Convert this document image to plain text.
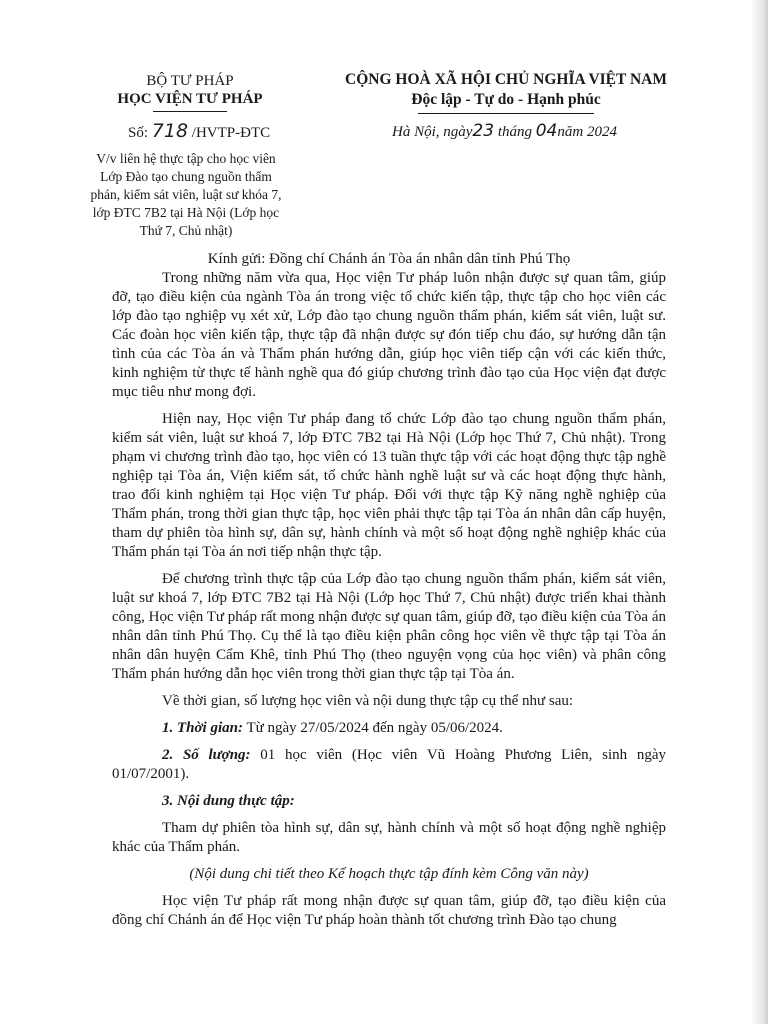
BỘ TƯ PHÁP
HỌC VIỆN TƯ PHÁP
Số: 718 /HVTP-ĐTC
V/v liên hệ thực tập cho học viên
Lớp Đào tạo chung nguồn thẩm
phán, kiểm sát viên, luật sư khóa 7,
lớp ĐTC 7B2 tại Hà Nội (Lớp học
Thứ 7, Chủ nhật)
CỘNG HOÀ XÃ HỘI CHỦ NGHĨA VIỆT NAM
Độc lập - Tự do - Hạnh phúc
Hà Nội, ngày23 tháng 04năm 2024

Kính gửi: Đồng chí Chánh án Tòa án nhân dân tỉnh Phú Thọ

Trong những năm vừa qua, Học viện Tư pháp luôn nhận được sự quan tâm, giúp đỡ, tạo điều kiện của ngành Tòa án trong việc tổ chức kiến tập, thực tập cho học viên các lớp đào tạo nghiệp vụ xét xử, Lớp đào tạo chung nguồn thẩm phán, kiểm sát viên, luật sư. Các đoàn học viên kiến tập, thực tập đã nhận được sự đón tiếp chu đáo, sự hướng dẫn tận tình của các Tòa án và Thẩm phán hướng dẫn, giúp học viên tiếp cận với các kiến thức, kinh nghiệm từ thực tế hành nghề qua đó giúp chương trình đào tạo của Học viện đạt được mục tiêu như mong đợi.

Hiện nay, Học viện Tư pháp đang tổ chức Lớp đào tạo chung nguồn thẩm phán, kiểm sát viên, luật sư khoá 7, lớp ĐTC 7B2 tại Hà Nội (Lớp học Thứ 7, Chủ nhật). Trong phạm vi chương trình đào tạo, học viên có 13 tuần thực tập với các hoạt động thực tập nghề nghiệp tại Tòa án, Viện kiểm sát, tổ chức hành nghề luật sư và các hoạt động thực hành, trao đổi kinh nghiệm tại Học viện Tư pháp. Đối với thực tập Kỹ năng nghề nghiệp của Thẩm phán, trong thời gian thực tập, học viên phải thực tập tại Tòa án nhân dân cấp huyện, tham dự phiên tòa hình sự, dân sự, hành chính và một số hoạt động nghề nghiệp khác của Thẩm phán tại Tòa án nơi tiếp nhận thực tập.

Để chương trình thực tập của Lớp đào tạo chung nguồn thẩm phán, kiểm sát viên, luật sư khoá 7, lớp ĐTC 7B2 tại Hà Nội (Lớp học Thứ 7, Chủ nhật) được triển khai thành công, Học viện Tư pháp rất mong nhận được sự quan tâm, giúp đỡ, tạo điều kiện của Tòa án nhân dân tỉnh Phú Thọ. Cụ thể là tạo điều kiện phân công học viên về thực tập tại Tòa án nhân dân huyện Cẩm Khê, tỉnh Phú Thọ (theo nguyện vọng của học viên) và phân công Thẩm phán hướng dẫn học viên trong thời gian thực tập tại Tòa án.

Về thời gian, số lượng học viên và nội dung thực tập cụ thể như sau:

1. Thời gian: Từ ngày 27/05/2024 đến ngày 05/06/2024.

2. Số lượng: 01 học viên (Học viên Vũ Hoàng Phương Liên, sinh ngày 01/07/2001).

3. Nội dung thực tập:

Tham dự phiên tòa hình sự, dân sự, hành chính và một số hoạt động nghề nghiệp khác của Thẩm phán.

(Nội dung chi tiết theo Kế hoạch thực tập đính kèm Công văn này)

Học viện Tư pháp rất mong nhận được sự quan tâm, giúp đỡ, tạo điều kiện của đồng chí Chánh án để Học viện Tư pháp hoàn thành tốt chương trình Đào tạo chung
